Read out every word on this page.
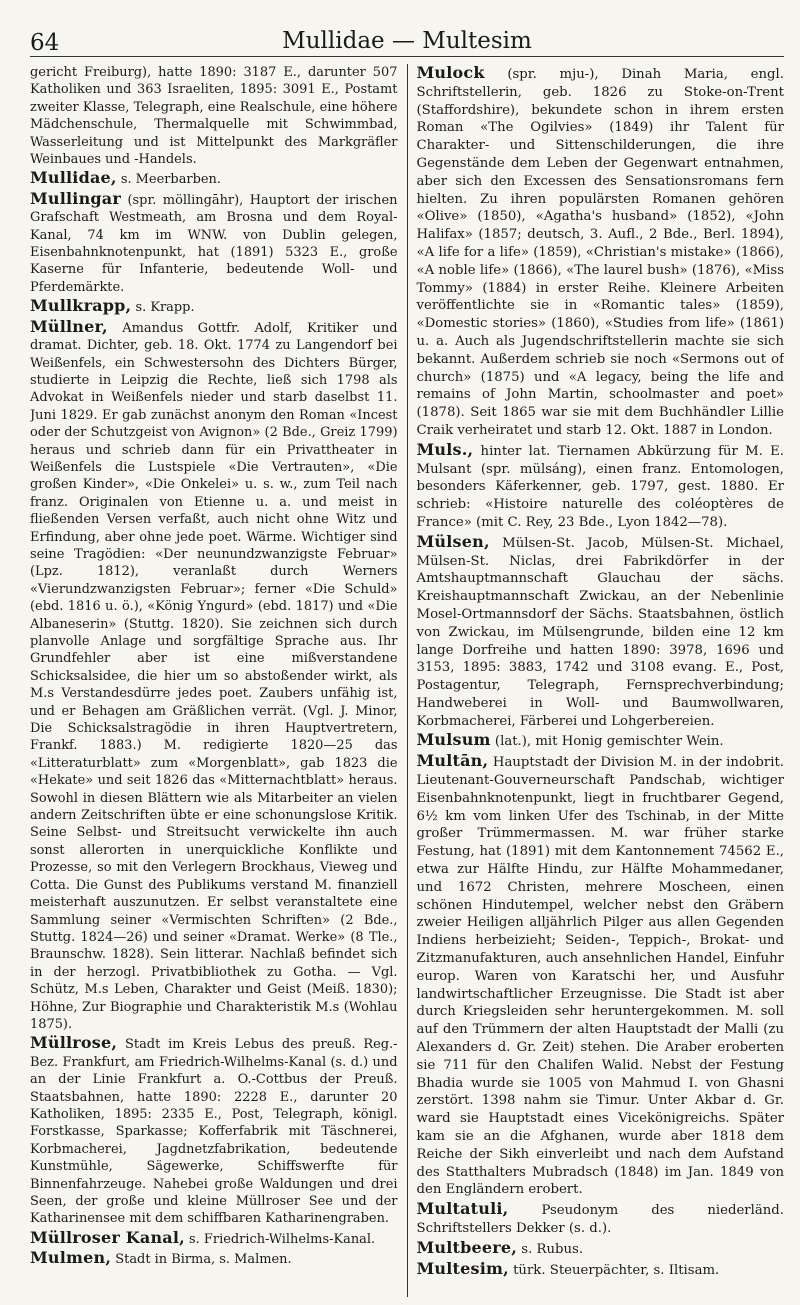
64	Mullidae — Multesim

gericht Freiburg), hatte 1890: 3187 E., darunter 507 Katholiken und 363 Israeliten, 1895: 3091 E., Postamt zweiter Klasse, Telegraph, eine Realschule, eine höhere Mädchenschule, Thermalquelle mit Schwimmbad, Wasserleitung und ist Mittelpunkt des Markgräfler Weinbaues und -Handels.

Mullidae, s. Meerbarben.

Mullingar (spr. möllingāhr), Hauptort der irischen Grafschaft Westmeath, am Brosna und dem Royal-Kanal, 74 km im WNW. von Dublin gelegen, Eisenbahnknotenpunkt, hat (1891) 5323 E., große Kaserne für Infanterie, bedeutende Woll- und Pferdemärkte.

Mullkrapp, s. Krapp.

Müllner, Amandus Gottfr. Adolf, Kritiker und dramat. Dichter, geb. 18. Okt. 1774 zu Langendorf bei Weißenfels, ein Schwestersohn des Dichters Bürger, studierte in Leipzig die Rechte, ließ sich 1798 als Advokat in Weißenfels nieder und starb daselbst 11. Juni 1829. Er gab zunächst anonym den Roman «Incest oder der Schutzgeist von Avignon» (2 Bde., Greiz 1799) heraus und schrieb dann für ein Privattheater in Weißenfels die Lustspiele «Die Vertrauten», «Die großen Kinder», «Die Onkelei» u. s. w., zum Teil nach franz. Originalen von Etienne u. a. und meist in fließenden Versen verfaßt, auch nicht ohne Witz und Erfindung, aber ohne jede poet. Wärme. Wichtiger sind seine Tragödien: «Der neunundzwanzigste Februar» (Lpz. 1812), veranlaßt durch Werners «Vierundzwanzigsten Februar»; ferner «Die Schuld» (ebd. 1816 u. ö.), «König Yngurd» (ebd. 1817) und «Die Albaneserin» (Stuttg. 1820). Sie zeichnen sich durch planvolle Anlage und sorgfältige Sprache aus. Ihr Grundfehler aber ist eine mißverstandene Schicksalsidee, die hier um so abstoßender wirkt, als M.s Verstandesdürre jedes poet. Zaubers unfähig ist, und er Behagen am Gräßlichen verrät. (Vgl. J. Minor, Die Schicksalstragödie in ihren Hauptvertretern, Frankf. 1883.) M. redigierte 1820—25 das «Litteraturblatt» zum «Morgenblatt», gab 1823 die «Hekate» und seit 1826 das «Mitternachtblatt» heraus. Sowohl in diesen Blättern wie als Mitarbeiter an vielen andern Zeitschriften übte er eine schonungslose Kritik. Seine Selbst- und Streitsucht verwickelte ihn auch sonst allerorten in unerquickliche Konflikte und Prozesse, so mit den Verlegern Brockhaus, Vieweg und Cotta. Die Gunst des Publikums verstand M. finanziell meisterhaft auszunutzen. Er selbst veranstaltete eine Sammlung seiner «Vermischten Schriften» (2 Bde., Stuttg. 1824—26) und seiner «Dramat. Werke» (8 Tle., Braunschw. 1828). Sein litterar. Nachlaß befindet sich in der herzogl. Privatbibliothek zu Gotha. — Vgl. Schütz, M.s Leben, Charakter und Geist (Meiß. 1830); Höhne, Zur Biographie und Charakteristik M.s (Wohlau 1875).

Müllrose, Stadt im Kreis Lebus des preuß. Reg.-Bez. Frankfurt, am Friedrich-Wilhelms-Kanal (s. d.) und an der Linie Frankfurt a. O.-Cottbus der Preuß. Staatsbahnen, hatte 1890: 2228 E., darunter 20 Katholiken, 1895: 2335 E., Post, Telegraph, königl. Forstkasse, Sparkasse; Kofferfabrik mit Täschnerei, Korbmacherei, Jagdnetzfabrikation, bedeutende Kunstmühle, Sägewerke, Schiffswerfte für Binnenfahrzeuge. Nahebei große Waldungen und drei Seen, der große und kleine Müllroser See und der Katharinensee mit dem schiffbaren Katharinengraben.

Müllroser Kanal, s. Friedrich-Wilhelms-Kanal.

Mulmen, Stadt in Birma, s. Malmen.

Mulock (spr. mju-), Dinah Maria, engl. Schriftstellerin, geb. 1826 zu Stoke-on-Trent (Staffordshire), bekundete schon in ihrem ersten Roman «The Ogilvies» (1849) ihr Talent für Charakter- und Sittenschilderungen, die ihre Gegenstände dem Leben der Gegenwart entnahmen, aber sich den Excessen des Sensationsromans fern hielten. Zu ihren populärsten Romanen gehören «Olive» (1850), «Agatha's husband» (1852), «John Halifax» (1857; deutsch, 3. Aufl., 2 Bde., Berl. 1894), «A life for a life» (1859), «Christian's mistake» (1866), «A noble life» (1866), «The laurel bush» (1876), «Miss Tommy» (1884) in erster Reihe. Kleinere Arbeiten veröffentlichte sie in «Romantic tales» (1859), «Domestic stories» (1860), «Studies from life» (1861) u. a. Auch als Jugendschriftstellerin machte sie sich bekannt. Außerdem schrieb sie noch «Sermons out of church» (1875) und «A legacy, being the life and remains of John Martin, schoolmaster and poet» (1878). Seit 1865 war sie mit dem Buchhändler Lillie Craik verheiratet und starb 12. Okt. 1887 in London.

Muls., hinter lat. Tiernamen Abkürzung für M. E. Mulsant (spr. mülsáng), einen franz. Entomologen, besonders Käferkenner, geb. 1797, gest. 1880. Er schrieb: «Histoire naturelle des coléoptères de France» (mit C. Rey, 23 Bde., Lyon 1842—78).

Mülsen, Mülsen-St. Jacob, Mülsen-St. Michael, Mülsen-St. Niclas, drei Fabrikdörfer in der Amtshauptmannschaft Glauchau der sächs. Kreishauptmannschaft Zwickau, an der Nebenlinie Mosel-Ortmannsdorf der Sächs. Staatsbahnen, östlich von Zwickau, im Mülsengrunde, bilden eine 12 km lange Dorfreihe und hatten 1890: 3978, 1696 und 3153, 1895: 3883, 1742 und 3108 evang. E., Post, Postagentur, Telegraph, Fernsprechverbindung; Handweberei in Woll- und Baumwollwaren, Korbmacherei, Färberei und Lohgerbereien.

Mulsum (lat.), mit Honig gemischter Wein.

Multān, Hauptstadt der Division M. in der indobrit. Lieutenant-Gouverneurschaft Pandschab, wichtiger Eisenbahnknotenpunkt, liegt in fruchtbarer Gegend, 6½ km vom linken Ufer des Tschinab, in der Mitte großer Trümmermassen. M. war früher starke Festung, hat (1891) mit dem Kantonnement 74562 E., etwa zur Hälfte Hindu, zur Hälfte Mohammedaner, und 1672 Christen, mehrere Moscheen, einen schönen Hindutempel, welcher nebst den Gräbern zweier Heiligen alljährlich Pilger aus allen Gegenden Indiens herbeizieht; Seiden-, Teppich-, Brokat- und Zitzmanufakturen, auch ansehnlichen Handel, Einfuhr europ. Waren von Karatschi her, und Ausfuhr landwirtschaftlicher Erzeugnisse. Die Stadt ist aber durch Kriegsleiden sehr heruntergekommen. M. soll auf den Trümmern der alten Hauptstadt der Malli (zu Alexanders d. Gr. Zeit) stehen. Die Araber eroberten sie 711 für den Chalifen Walid. Nebst der Festung Bhadia wurde sie 1005 von Mahmud I. von Ghasni zerstört. 1398 nahm sie Timur. Unter Akbar d. Gr. ward sie Hauptstadt eines Vicekönigreichs. Später kam sie an die Afghanen, wurde aber 1818 dem Reiche der Sikh einverleibt und nach dem Aufstand des Statthalters Mubradsch (1848) im Jan. 1849 von den Engländern erobert.

Multatuli, Pseudonym des niederländ. Schriftstellers Dekker (s. d.).

Multbeere, s. Rubus.

Multesim, türk. Steuerpächter, s. Iltisam.
